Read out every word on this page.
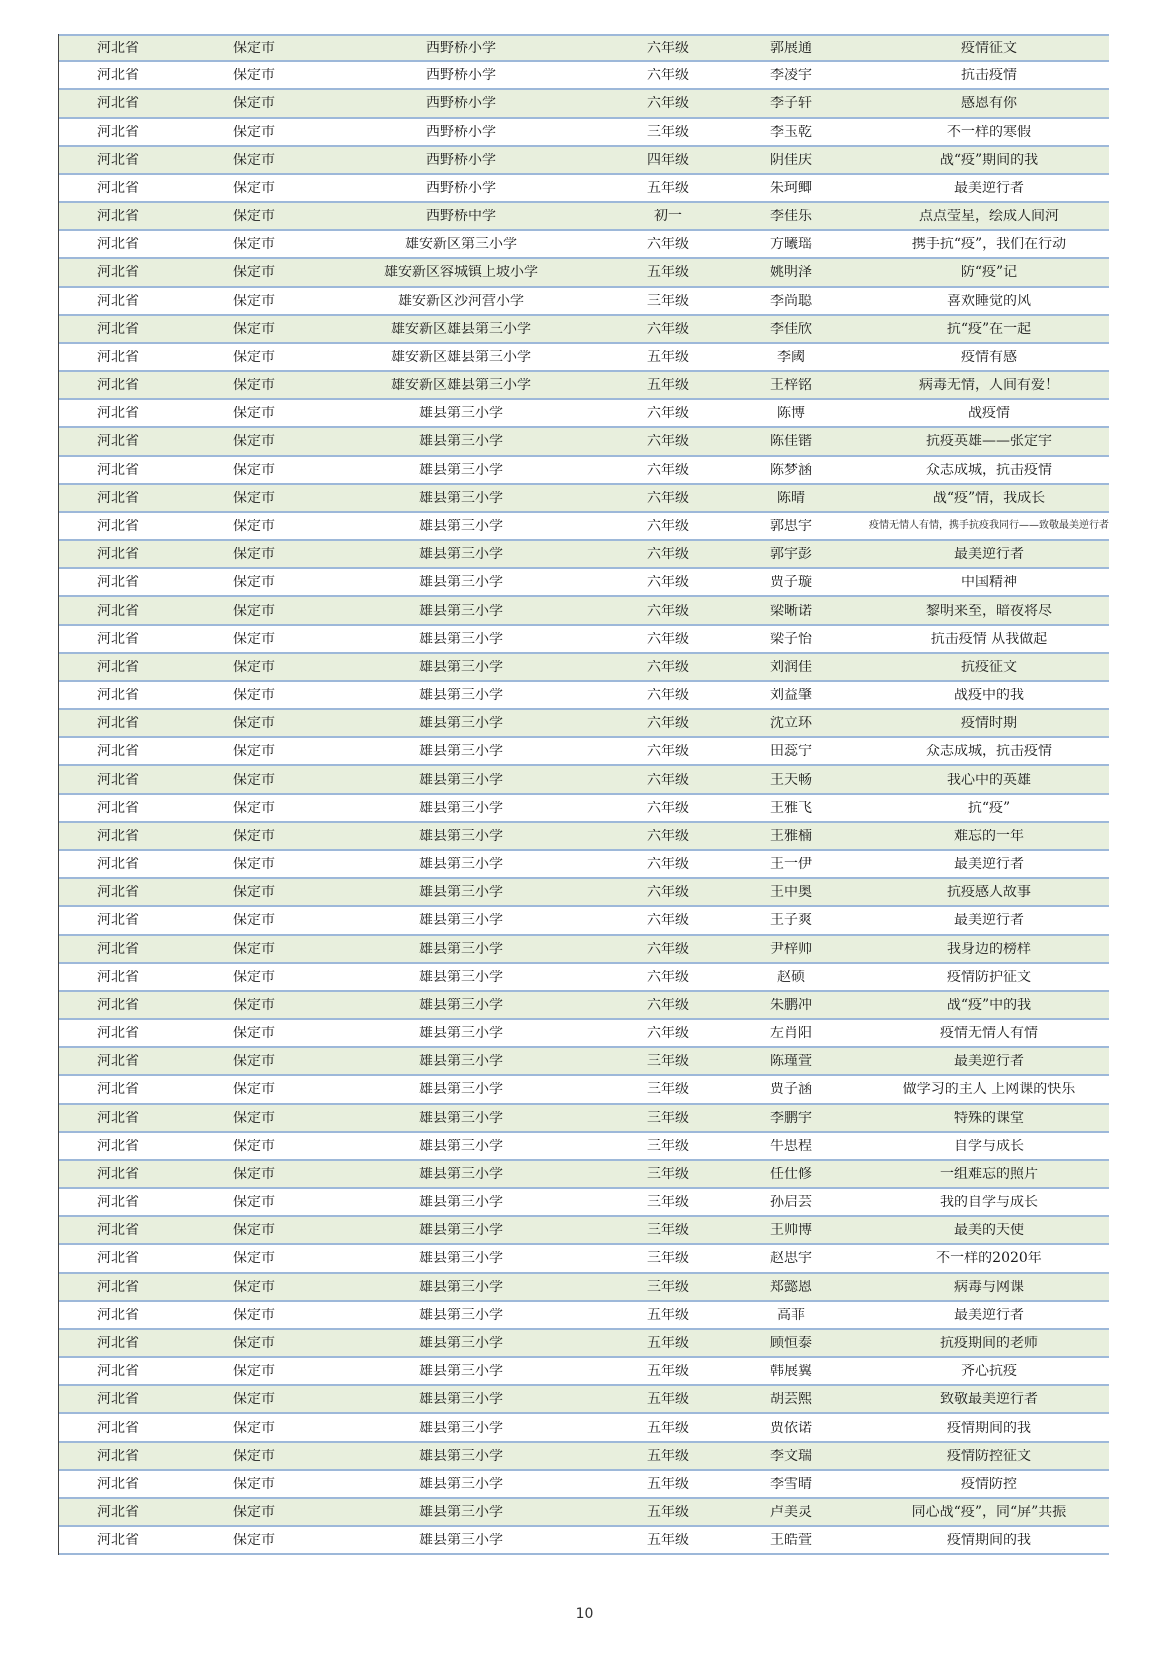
河北省	保定市	西野桥小学	六年级	郭展通	疫情征文
河北省	保定市	西野桥小学	六年级	李凌宇	抗击疫情
河北省	保定市	西野桥小学	六年级	李子轩	感恩有你
河北省	保定市	西野桥小学	三年级	李玉乾	不一样的寒假
河北省	保定市	西野桥小学	四年级	阴佳庆	战“疫”期间的我
河北省	保定市	西野桥小学	五年级	朱珂鲫	最美逆行者
河北省	保定市	西野桥中学	初一	李佳乐	点点莹星，绘成人间河
河北省	保定市	雄安新区第三小学	六年级	方曦瑶	携手抗“疫”，我们在行动
河北省	保定市	雄安新区容城镇上坡小学	五年级	姚明泽	防“疫”记
河北省	保定市	雄安新区沙河营小学	三年级	李尚聪	喜欢睡觉的风
河北省	保定市	雄安新区雄县第三小学	六年级	李佳欣	抗“疫”在一起
河北省	保定市	雄安新区雄县第三小学	五年级	李阈	疫情有感
河北省	保定市	雄安新区雄县第三小学	五年级	王梓铭	病毒无情，人间有爱！
河北省	保定市	雄县第三小学	六年级	陈博	战疫情
河北省	保定市	雄县第三小学	六年级	陈佳锴	抗疫英雄——张定宇
河北省	保定市	雄县第三小学	六年级	陈梦涵	众志成城，抗击疫情
河北省	保定市	雄县第三小学	六年级	陈晴	战“疫”情，我成长
河北省	保定市	雄县第三小学	六年级	郭思宇	疫情无情人有情，携手抗疫我同行——致敬最美逆行者
河北省	保定市	雄县第三小学	六年级	郭宇彭	最美逆行者
河北省	保定市	雄县第三小学	六年级	贾子璇	中国精神
河北省	保定市	雄县第三小学	六年级	梁晰诺	黎明来至，暗夜将尽
河北省	保定市	雄县第三小学	六年级	梁子怡	抗击疫情 从我做起
河北省	保定市	雄县第三小学	六年级	刘润佳	抗疫征文
河北省	保定市	雄县第三小学	六年级	刘益肇	战疫中的我
河北省	保定市	雄县第三小学	六年级	沈立环	疫情时期
河北省	保定市	雄县第三小学	六年级	田蕊宁	众志成城，抗击疫情
河北省	保定市	雄县第三小学	六年级	王天畅	我心中的英雄
河北省	保定市	雄县第三小学	六年级	王雅飞	抗“疫”
河北省	保定市	雄县第三小学	六年级	王雅楠	难忘的一年
河北省	保定市	雄县第三小学	六年级	王一伊	最美逆行者
河北省	保定市	雄县第三小学	六年级	王中奥	抗疫感人故事
河北省	保定市	雄县第三小学	六年级	王子爽	最美逆行者
河北省	保定市	雄县第三小学	六年级	尹梓帅	我身边的榜样
河北省	保定市	雄县第三小学	六年级	赵硕	疫情防护征文
河北省	保定市	雄县第三小学	六年级	朱鹏冲	战“疫”中的我
河北省	保定市	雄县第三小学	六年级	左肖阳	疫情无情人有情
河北省	保定市	雄县第三小学	三年级	陈瑾萱	最美逆行者
河北省	保定市	雄县第三小学	三年级	贾子涵	做学习的主人 上网课的快乐
河北省	保定市	雄县第三小学	三年级	李鹏宇	特殊的课堂
河北省	保定市	雄县第三小学	三年级	牛思程	自学与成长
河北省	保定市	雄县第三小学	三年级	任仕修	一组难忘的照片
河北省	保定市	雄县第三小学	三年级	孙启芸	我的自学与成长
河北省	保定市	雄县第三小学	三年级	王帅博	最美的天使
河北省	保定市	雄县第三小学	三年级	赵思宇	不一样的2020年
河北省	保定市	雄县第三小学	三年级	郑懿恩	病毒与网课
河北省	保定市	雄县第三小学	五年级	高菲	最美逆行者
河北省	保定市	雄县第三小学	五年级	顾恒泰	抗疫期间的老师
河北省	保定市	雄县第三小学	五年级	韩展翼	齐心抗疫
河北省	保定市	雄县第三小学	五年级	胡芸熙	致敬最美逆行者
河北省	保定市	雄县第三小学	五年级	贾依诺	疫情期间的我
河北省	保定市	雄县第三小学	五年级	李文瑞	疫情防控征文
河北省	保定市	雄县第三小学	五年级	李雪晴	疫情防控
河北省	保定市	雄县第三小学	五年级	卢美灵	同心战“疫”，同“屏”共振
河北省	保定市	雄县第三小学	五年级	王皓萱	疫情期间的我
10
